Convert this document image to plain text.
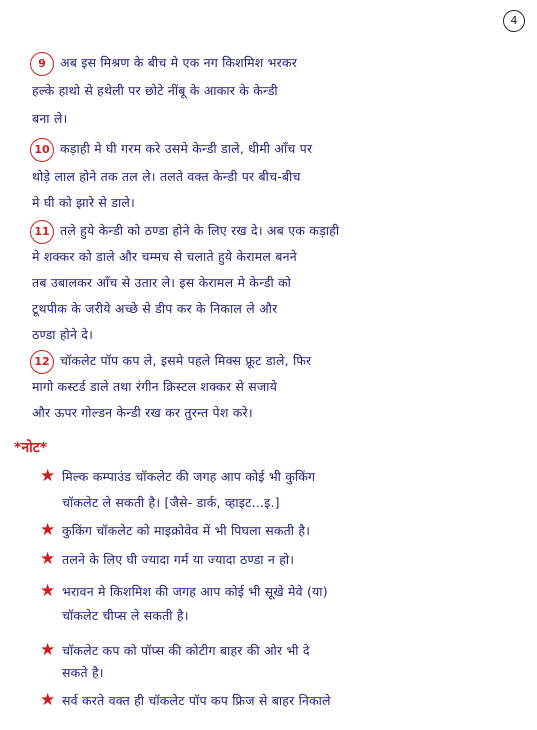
4
9	अब इस मिश्रण के बीच मे एक नग किशमिश भरकर
हल्के हाथो से हथेली पर छोटे नींबू के आकार के केन्डी
बना ले।
10 कड़ाही मे घी गरम करे उसमे केन्डी डाले, धीमी आँच पर
थोड़े लाल होने तक तल ले। तलते वक्त केन्डी पर बीच-बीच
मे घी को झारे से डाले।
11 तले हुये केन्डी को ठण्डा होने के लिए रख दे। अब एक कड़ाही
मे शक्कर को डाले और चम्मच से चलाते हुये केरामल बनने
तब उबालकर आँच से उतार ले। इस केरामल मे केन्डी को
टूथपीक के जरीये अच्छे से डीप कर के निकाल ले और
ठण्डा होने दे।
12 चॉकलेट पॉप कप ले, इसमे पहले मिक्स फ्रूट डाले, फिर
मागो कस्टर्ड डाले तथा रंगीन क्रिस्टल शक्कर से सजाये
और ऊपर गोल्डन केन्डी रख कर तुरन्त पेश करे।
*नोट*
★ मिल्क कम्पाउंड चॉकलेट की जगह आप कोई भी कुकिंग
चॉकलेट ले सकती है। [जैसे- डार्क, व्हाइट...इ.]
★ कुकिंग चॉकलेट को माइक्रोवेव में भी पिघला सकती है।
★ तलने के लिए घी ज्यादा गर्म या ज्यादा ठण्डा न हो।
★ भरावन मे किशमिश की जगह आप कोई भी सूखे मेवे (या)
चॉकलेट चीप्स ले सकती है।
★ चॉकलेट कप को पॉप्स की कोटीग बाहर की ओर भी दे
सकते है।
★ सर्व करते वक्त ही चॉकलेट पॉप कप फ्रिज से बाहर निकाले
